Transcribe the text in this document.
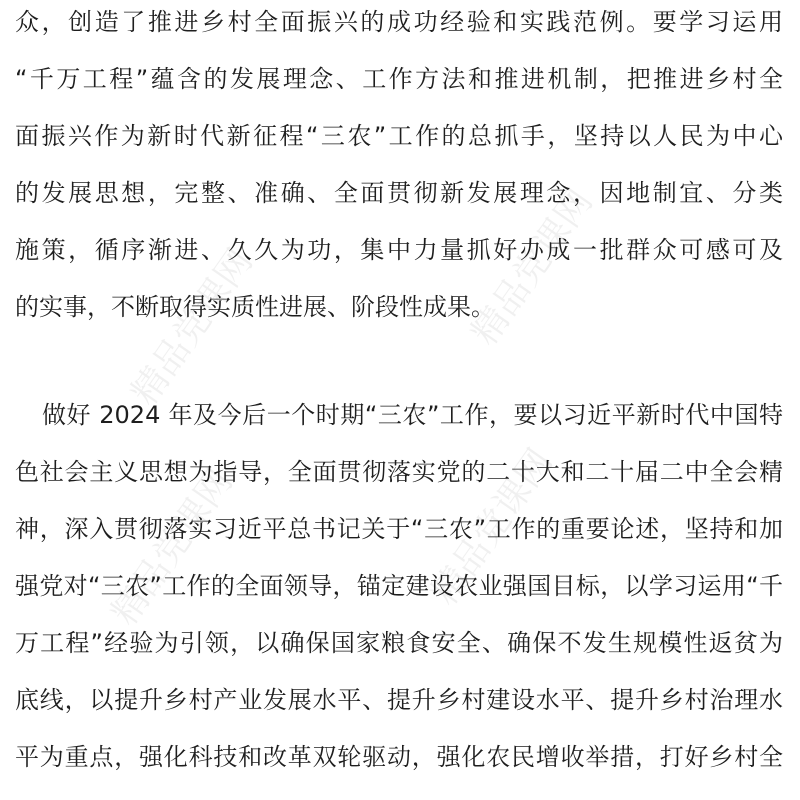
精品党课网	精品党课网
精品党课网	精品党课网
众，创造了推进乡村全面振兴的成功经验和实践范例。要学习运用
“千万工程”蕴含的发展理念、工作方法和推进机制，把推进乡村全
面振兴作为新时代新征程“三农”工作的总抓手，坚持以人民为中心
的发展思想，完整、准确、全面贯彻新发展理念，因地制宜、分类
施策，循序渐进、久久为功，集中力量抓好办成一批群众可感可及
的实事，不断取得实质性进展、阶段性成果。
做好 2024 年及今后一个时期“三农”工作，要以习近平新时代中国特
色社会主义思想为指导，全面贯彻落实党的二十大和二十届二中全会精
神，深入贯彻落实习近平总书记关于“三农”工作的重要论述，坚持和加
强党对“三农”工作的全面领导，锚定建设农业强国目标，以学习运用“千
万工程”经验为引领，以确保国家粮食安全、确保不发生规模性返贫为
底线，以提升乡村产业发展水平、提升乡村建设水平、提升乡村治理水
平为重点，强化科技和改革双轮驱动，强化农民增收举措，打好乡村全
